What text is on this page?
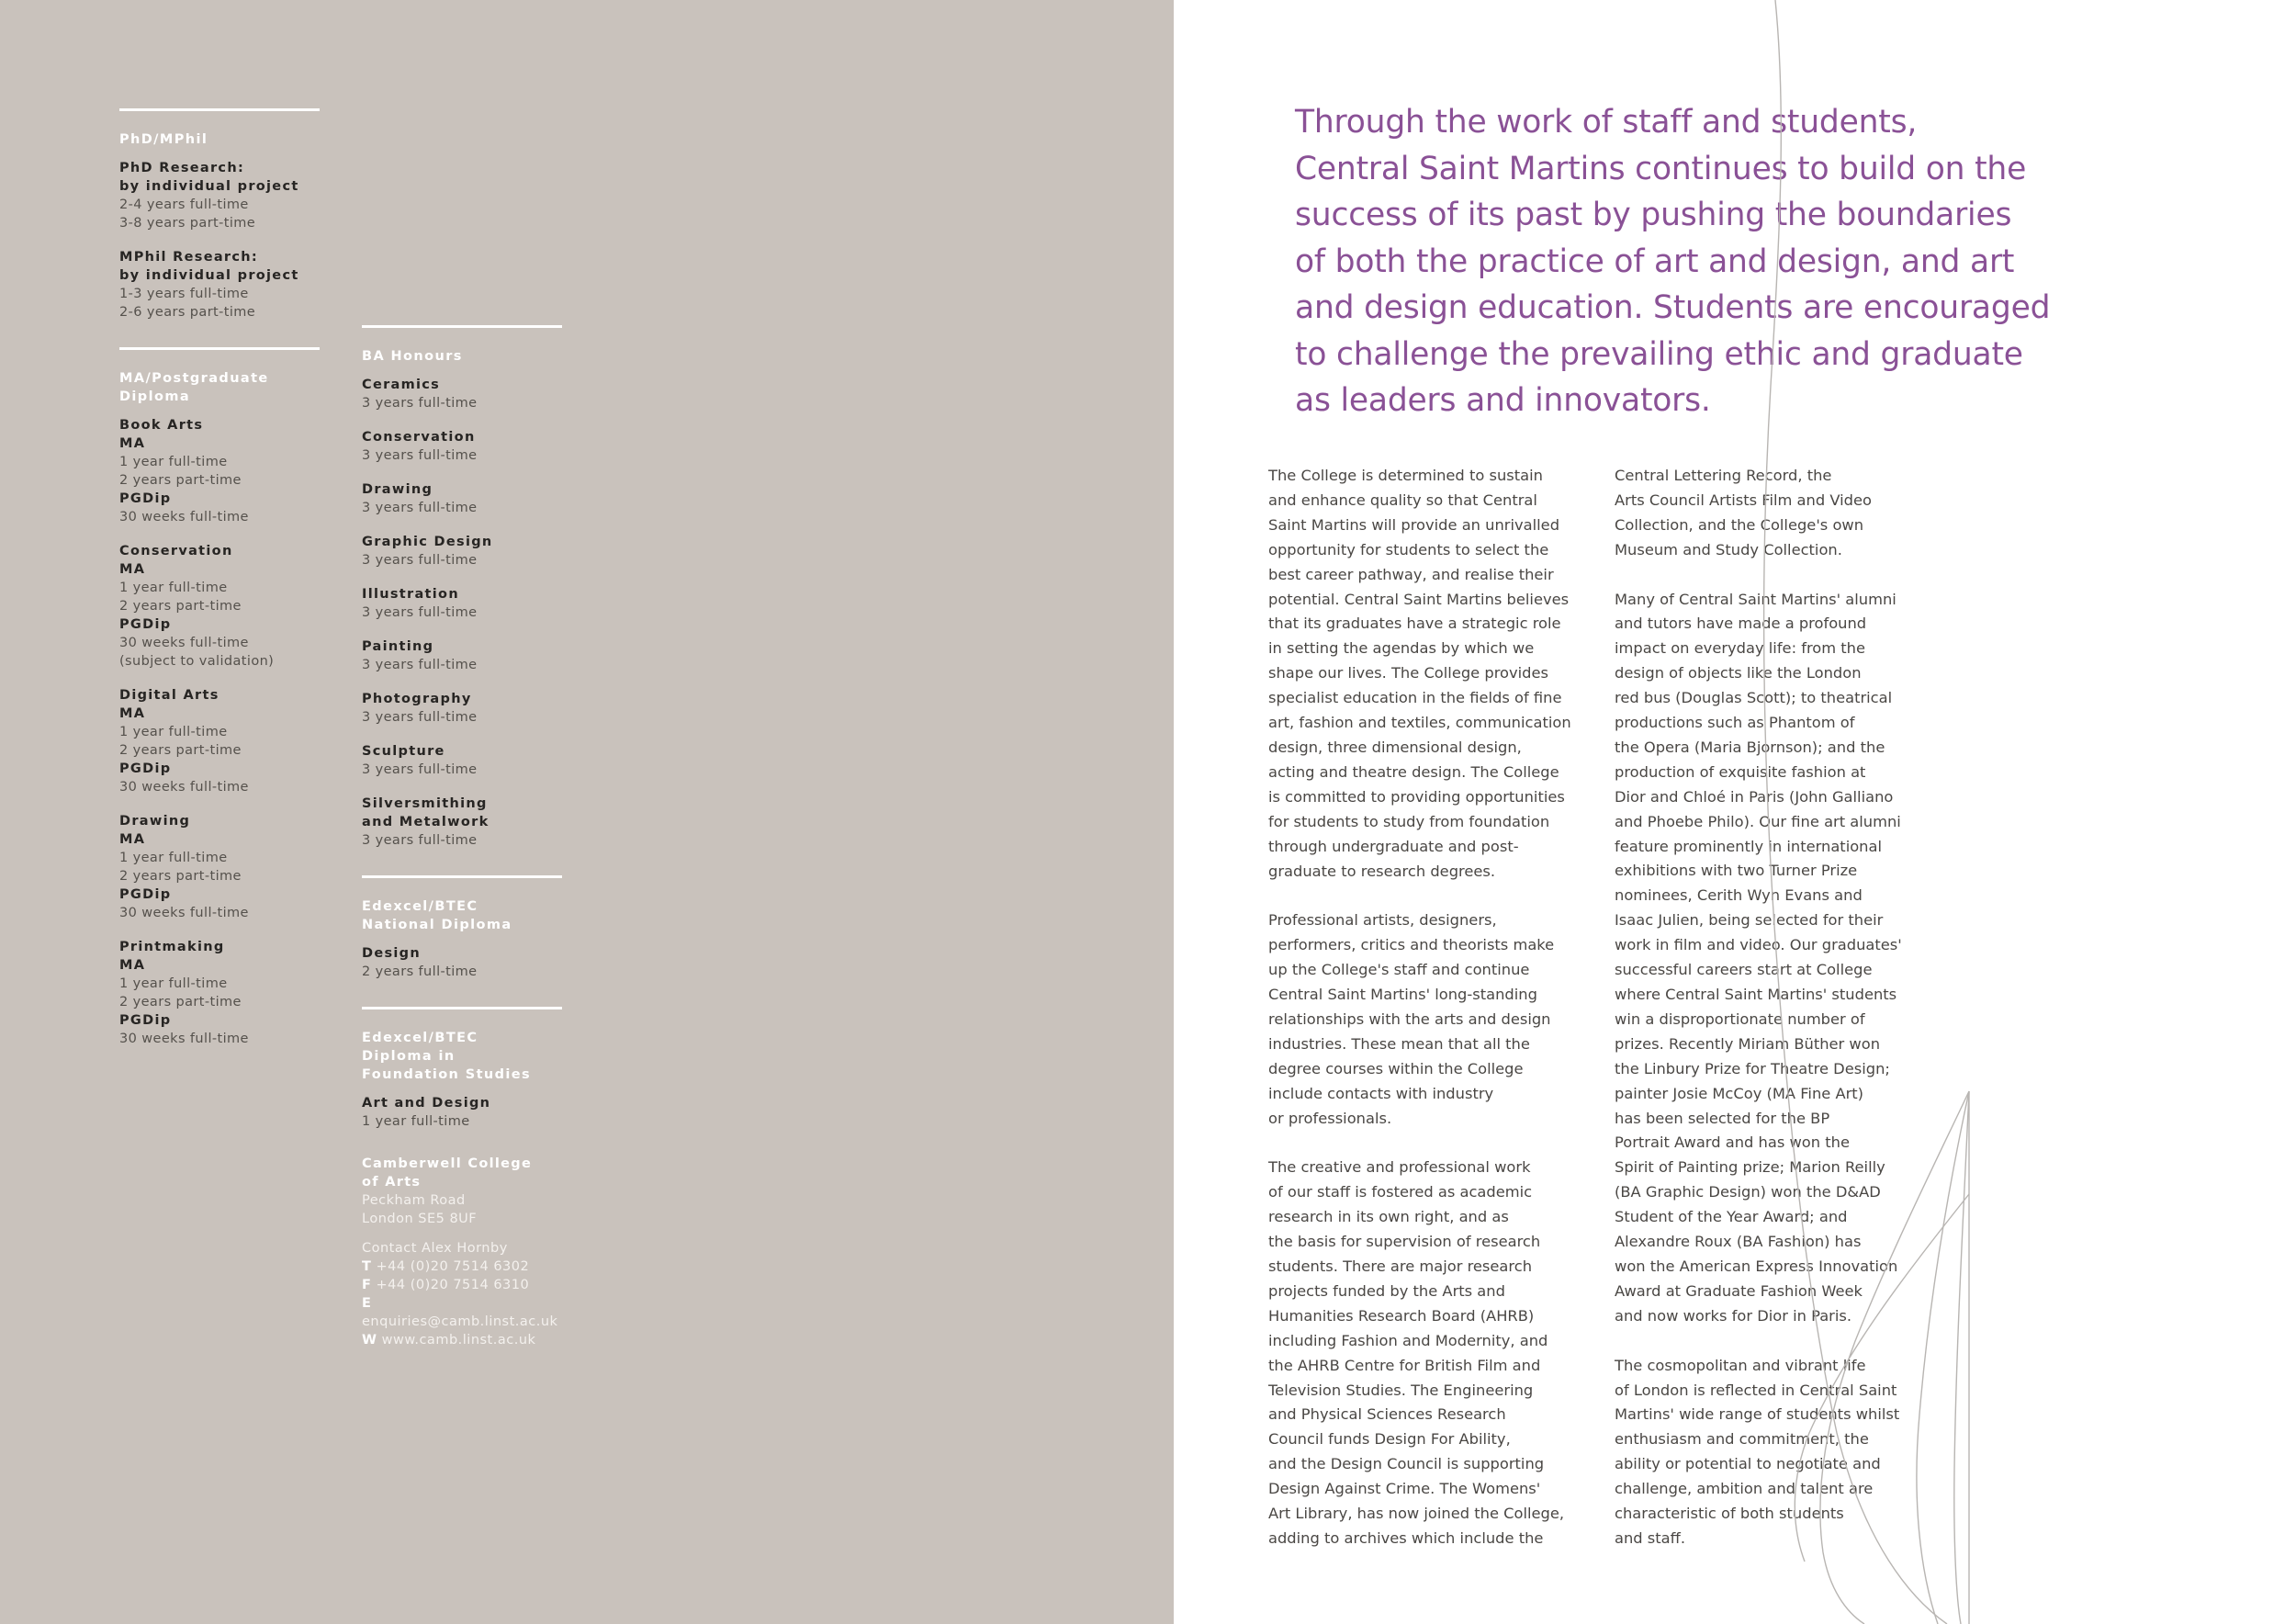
PhD/MPhil
PhD Research:
by individual project
2-4 years full-time
3-8 years part-time
MPhil Research:
by individual project
1-3 years full-time
2-6 years part-time
MA/Postgraduate Diploma
Book Arts
MA
1 year full-time
2 years part-time
PGDip
30 weeks full-time
Conservation
MA
1 year full-time
2 years part-time
PGDip
30 weeks full-time
(subject to validation)
Digital Arts
MA
1 year full-time
2 years part-time
PGDip
30 weeks full-time
Drawing
MA
1 year full-time
2 years part-time
PGDip
30 weeks full-time
Printmaking
MA
1 year full-time
2 years part-time
PGDip
30 weeks full-time
BA Honours
Ceramics
3 years full-time
Conservation
3 years full-time
Drawing
3 years full-time
Graphic Design
3 years full-time
Illustration
3 years full-time
Painting
3 years full-time
Photography
3 years full-time
Sculpture
3 years full-time
Silversmithing
and Metalwork
3 years full-time
Edexcel/BTEC
National Diploma
Design
2 years full-time
Edexcel/BTEC
Diploma in
Foundation Studies
Art and Design
1 year full-time
Camberwell College
of Arts
Peckham Road
London SE5 8UF
Contact Alex Hornby
T +44 (0)20 7514 6302
F +44 (0)20 7514 6310
E enquiries@camb.linst.ac.uk
W www.camb.linst.ac.uk
Through the work of staff and students,
Central Saint Martins continues to build on the
success of its past by pushing the boundaries
of both the practice of art and design, and art
and design education. Students are encouraged
to challenge the prevailing ethic and graduate
as leaders and innovators.
The College is determined to sustain
and enhance quality so that Central
Saint Martins will provide an unrivalled
opportunity for students to select the
best career pathway, and realise their
potential. Central Saint Martins believes
that its graduates have a strategic role
in setting the agendas by which we
shape our lives. The College provides
specialist education in the fields of fine
art, fashion and textiles, communication
design, three dimensional design,
acting and theatre design. The College
is committed to providing opportunities
for students to study from foundation
through undergraduate and post-
graduate to research degrees.
Professional artists, designers,
performers, critics and theorists make
up the College's staff and continue
Central Saint Martins' long-standing
relationships with the arts and design
industries. These mean that all the
degree courses within the College
include contacts with industry
or professionals.
The creative and professional work
of our staff is fostered as academic
research in its own right, and as
the basis for supervision of research
students. There are major research
projects funded by the Arts and
Humanities Research Board (AHRB)
including Fashion and Modernity, and
the AHRB Centre for British Film and
Television Studies. The Engineering
and Physical Sciences Research
Council funds Design For Ability,
and the Design Council is supporting
Design Against Crime. The Womens'
Art Library, has now joined the College,
adding to archives which include the
Central Lettering Record, the
Arts Council Artists Film and Video
Collection, and the College's own
Museum and Study Collection.
Many of Central Saint Martins' alumni
and tutors have made a profound
impact on everyday life: from the
design of objects like the London
red bus (Douglas Scott); to theatrical
productions such as Phantom of
the Opera (Maria Bjornson); and the
production of exquisite fashion at
Dior and Chloé in Paris (John Galliano
and Phoebe Philo). Our fine art alumni
feature prominently in international
exhibitions with two Turner Prize
nominees, Cerith Wyn Evans and
Isaac Julien, being selected for their
work in film and video. Our graduates'
successful careers start at College
where Central Saint Martins' students
win a disproportionate number of
prizes. Recently Miriam Büther won
the Linbury Prize for Theatre Design;
painter Josie McCoy (MA Fine Art)
has been selected for the BP
Portrait Award and has won the
Spirit of Painting prize; Marion Reilly
(BA Graphic Design) won the D&AD
Student of the Year Award; and
Alexandre Roux (BA Fashion) has
won the American Express Innovation
Award at Graduate Fashion Week
and now works for Dior in Paris.
The cosmopolitan and vibrant life
of London is reflected in Central Saint
Martins' wide range of students whilst
enthusiasm and commitment, the
ability or potential to negotiate and
challenge, ambition and talent are
characteristic of both students
and staff.
